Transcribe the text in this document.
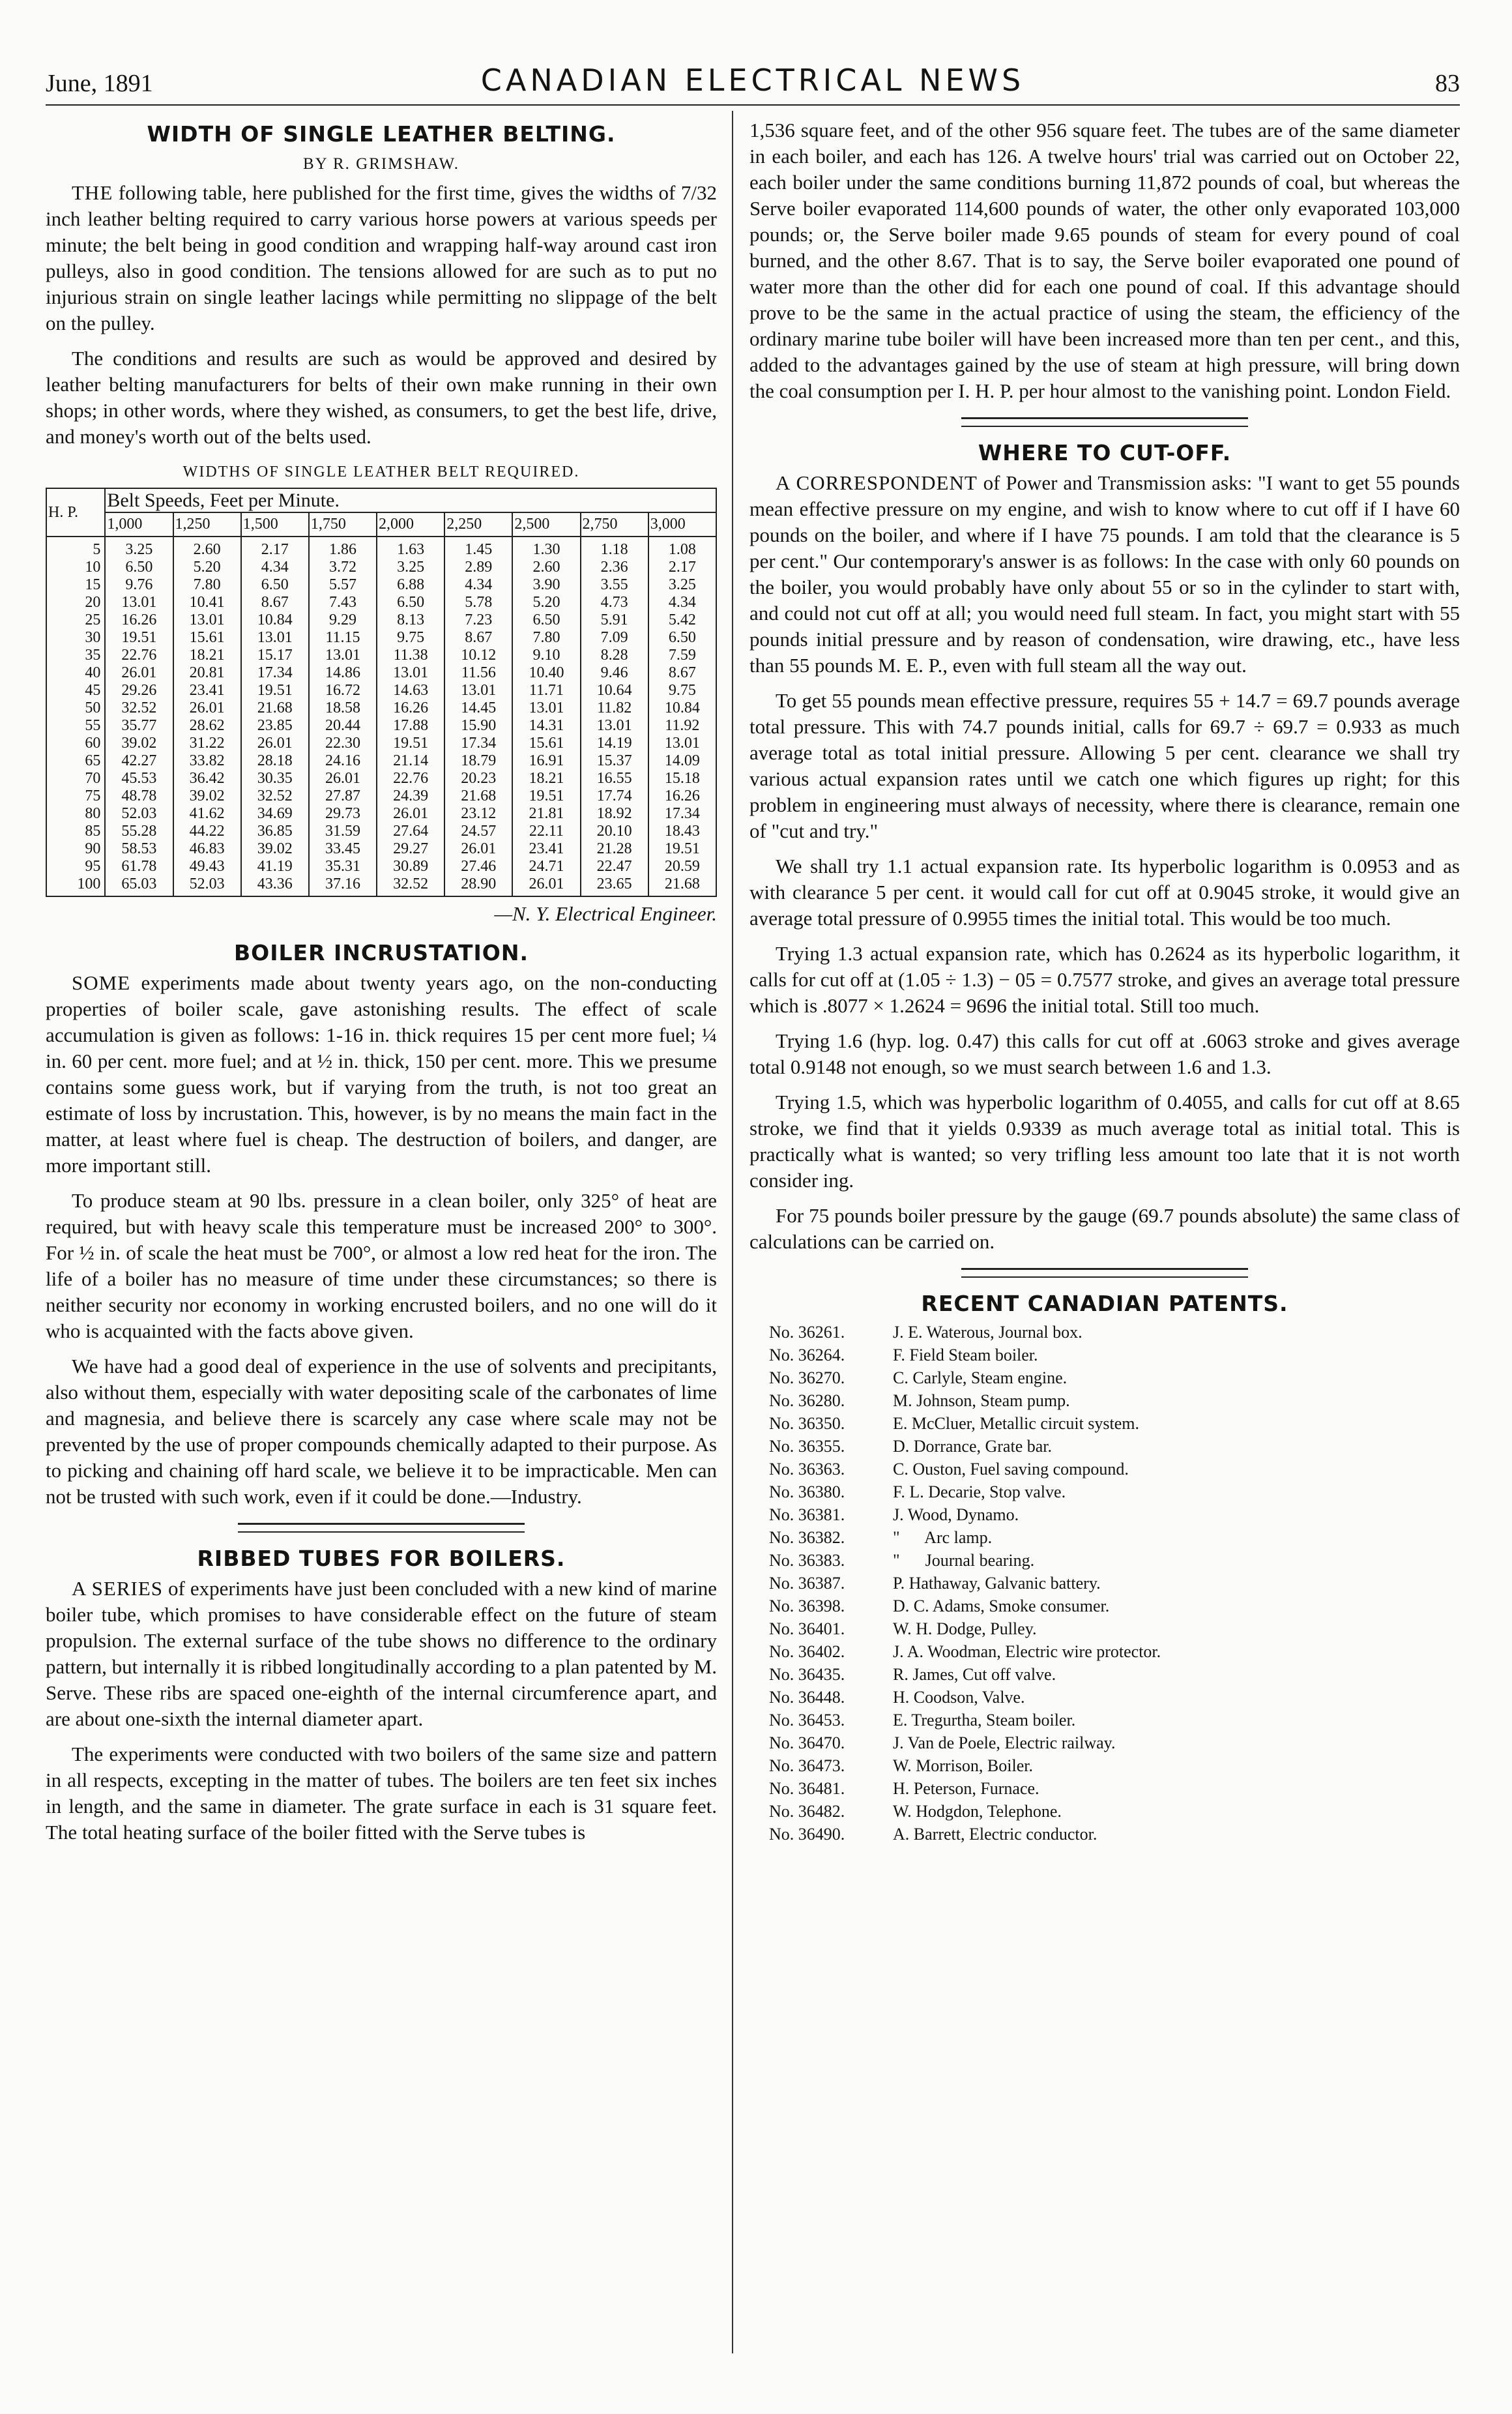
June, 1891	CANADIAN ELECTRICAL NEWS	83
WIDTH OF SINGLE LEATHER BELTING.
BY R. GRIMSHAW.

THE following table, here published for the first time, gives the widths of 7/32 inch leather belting required to carry various horse powers at various speeds per minute; the belt being in good condition and wrapping half-way around cast iron pulleys, also in good condition. The tensions allowed for are such as to put no injurious strain on single leather lacings while permitting no slippage of the belt on the pulley.

The conditions and results are such as would be approved and desired by leather belting manufacturers for belts of their own make running in their own shops; in other words, where they wished, as consumers, to get the best life, drive, and money's worth out of the belts used.

WIDTHS OF SINGLE LEATHER BELT REQUIRED.
H. P.	Belt Speeds, Feet per Minute.								
	1,000	1,250	1,500	1,750	2,000	2,250	2,500	2,750	3,000
5	3.25	2.60	2.17	1.86	1.63	1.45	1.30	1.18	1.08
10	6.50	5.20	4.34	3.72	3.25	2.89	2.60	2.36	2.17
15	9.76	7.80	6.50	5.57	6.88	4.34	3.90	3.55	3.25
20	13.01	10.41	8.67	7.43	6.50	5.78	5.20	4.73	4.34
25	16.26	13.01	10.84	9.29	8.13	7.23	6.50	5.91	5.42
30	19.51	15.61	13.01	11.15	9.75	8.67	7.80	7.09	6.50
35	22.76	18.21	15.17	13.01	11.38	10.12	9.10	8.28	7.59
40	26.01	20.81	17.34	14.86	13.01	11.56	10.40	9.46	8.67
45	29.26	23.41	19.51	16.72	14.63	13.01	11.71	10.64	9.75
50	32.52	26.01	21.68	18.58	16.26	14.45	13.01	11.82	10.84
55	35.77	28.62	23.85	20.44	17.88	15.90	14.31	13.01	11.92
60	39.02	31.22	26.01	22.30	19.51	17.34	15.61	14.19	13.01
65	42.27	33.82	28.18	24.16	21.14	18.79	16.91	15.37	14.09
70	45.53	36.42	30.35	26.01	22.76	20.23	18.21	16.55	15.18
75	48.78	39.02	32.52	27.87	24.39	21.68	19.51	17.74	16.26
80	52.03	41.62	34.69	29.73	26.01	23.12	21.81	18.92	17.34
85	55.28	44.22	36.85	31.59	27.64	24.57	22.11	20.10	18.43
90	58.53	46.83	39.02	33.45	29.27	26.01	23.41	21.28	19.51
95	61.78	49.43	41.19	35.31	30.89	27.46	24.71	22.47	20.59
100	65.03	52.03	43.36	37.16	32.52	28.90	26.01	23.65	21.68
—N. Y. Electrical Engineer.
BOILER INCRUSTATION.

SOME experiments made about twenty years ago, on the non-conducting properties of boiler scale, gave astonishing results. The effect of scale accumulation is given as follows: 1-16 in. thick requires 15 per cent more fuel; ¼ in. 60 per cent. more fuel; and at ½ in. thick, 150 per cent. more. This we presume contains some guess work, but if varying from the truth, is not too great an estimate of loss by incrustation. This, however, is by no means the main fact in the matter, at least where fuel is cheap. The destruction of boilers, and danger, are more important still.

To produce steam at 90 lbs. pressure in a clean boiler, only 325° of heat are required, but with heavy scale this temperature must be increased 200° to 300°. For ½ in. of scale the heat must be 700°, or almost a low red heat for the iron. The life of a boiler has no measure of time under these circumstances; so there is neither security nor economy in working encrusted boilers, and no one will do it who is acquainted with the facts above given.

We have had a good deal of experience in the use of solvents and precipitants, also without them, especially with water depositing scale of the carbonates of lime and magnesia, and believe there is scarcely any case where scale may not be prevented by the use of proper compounds chemically adapted to their purpose. As to picking and chaining off hard scale, we believe it to be impracticable. Men can not be trusted with such work, even if it could be done.—Industry.

RIBBED TUBES FOR BOILERS.

A SERIES of experiments have just been concluded with a new kind of marine boiler tube, which promises to have considerable effect on the future of steam propulsion. The external surface of the tube shows no difference to the ordinary pattern, but internally it is ribbed longitudinally according to a plan patented by M. Serve. These ribs are spaced one-eighth of the internal circumference apart, and are about one-sixth the internal diameter apart.

The experiments were conducted with two boilers of the same size and pattern in all respects, excepting in the matter of tubes. The boilers are ten feet six inches in length, and the same in diameter. The grate surface in each is 31 square feet. The total heating surface of the boiler fitted with the Serve tubes is

1,536 square feet, and of the other 956 square feet. The tubes are of the same diameter in each boiler, and each has 126. A twelve hours' trial was carried out on October 22, each boiler under the same conditions burning 11,872 pounds of coal, but whereas the Serve boiler evaporated 114,600 pounds of water, the other only evaporated 103,000 pounds; or, the Serve boiler made 9.65 pounds of steam for every pound of coal burned, and the other 8.67. That is to say, the Serve boiler evaporated one pound of water more than the other did for each one pound of coal. If this advantage should prove to be the same in the actual practice of using the steam, the efficiency of the ordinary marine tube boiler will have been increased more than ten per cent., and this, added to the advantages gained by the use of steam at high pressure, will bring down the coal consumption per I. H. P. per hour almost to the vanishing point. London Field.

WHERE TO CUT-OFF.

A CORRESPONDENT of Power and Transmission asks: "I want to get 55 pounds mean effective pressure on my engine, and wish to know where to cut off if I have 60 pounds on the boiler, and where if I have 75 pounds. I am told that the clearance is 5 per cent." Our contemporary's answer is as follows: In the case with only 60 pounds on the boiler, you would probably have only about 55 or so in the cylinder to start with, and could not cut off at all; you would need full steam. In fact, you might start with 55 pounds initial pressure and by reason of condensation, wire drawing, etc., have less than 55 pounds M. E. P., even with full steam all the way out.

To get 55 pounds mean effective pressure, requires 55 + 14.7 = 69.7 pounds average total pressure. This with 74.7 pounds initial, calls for 69.7 ÷ 69.7 = 0.933 as much average total as total initial pressure. Allowing 5 per cent. clearance we shall try various actual expansion rates until we catch one which figures up right; for this problem in engineering must always of necessity, where there is clearance, remain one of "cut and try."

We shall try 1.1 actual expansion rate. Its hyperbolic logarithm is 0.0953 and as with clearance 5 per cent. it would call for cut off at 0.9045 stroke, it would give an average total pressure of 0.9955 times the initial total. This would be too much.

Trying 1.3 actual expansion rate, which has 0.2624 as its hyperbolic logarithm, it calls for cut off at (1.05 ÷ 1.3) − 05 = 0.7577 stroke, and gives an average total pressure which is .8077 × 1.2624 = 9696 the initial total. Still too much.

Trying 1.6 (hyp. log. 0.47) this calls for cut off at .6063 stroke and gives average total 0.9148 not enough, so we must search between 1.6 and 1.3.

Trying 1.5, which was hyperbolic logarithm of 0.4055, and calls for cut off at 8.65 stroke, we find that it yields 0.9339 as much average total as initial total. This is practically what is wanted; so very trifling less amount too late that it is not worth consider ing.

For 75 pounds boiler pressure by the gauge (69.7 pounds absolute) the same class of calculations can be carried on.

RECENT CANADIAN PATENTS.
No. 36261.	J. E. Waterous, Journal box.
No. 36264.	F. Field Steam boiler.
No. 36270.	C. Carlyle, Steam engine.
No. 36280.	M. Johnson, Steam pump.
No. 36350.	E. McCluer, Metallic circuit system.
No. 36355.	D. Dorrance, Grate bar.
No. 36363.	C. Ouston, Fuel saving compound.
No. 36380.	F. L. Decarie, Stop valve.
No. 36381.	J. Wood, Dynamo.
No. 36382.	"      Arc lamp.
No. 36383.	"      Journal bearing.
No. 36387.	P. Hathaway, Galvanic battery.
No. 36398.	D. C. Adams, Smoke consumer.
No. 36401.	W. H. Dodge, Pulley.
No. 36402.	J. A. Woodman, Electric wire protector.
No. 36435.	R. James, Cut off valve.
No. 36448.	H. Coodson, Valve.
No. 36453.	E. Tregurtha, Steam boiler.
No. 36470.	J. Van de Poele, Electric railway.
No. 36473.	W. Morrison, Boiler.
No. 36481.	H. Peterson, Furnace.
No. 36482.	W. Hodgdon, Telephone.
No. 36490.	A. Barrett, Electric conductor.
